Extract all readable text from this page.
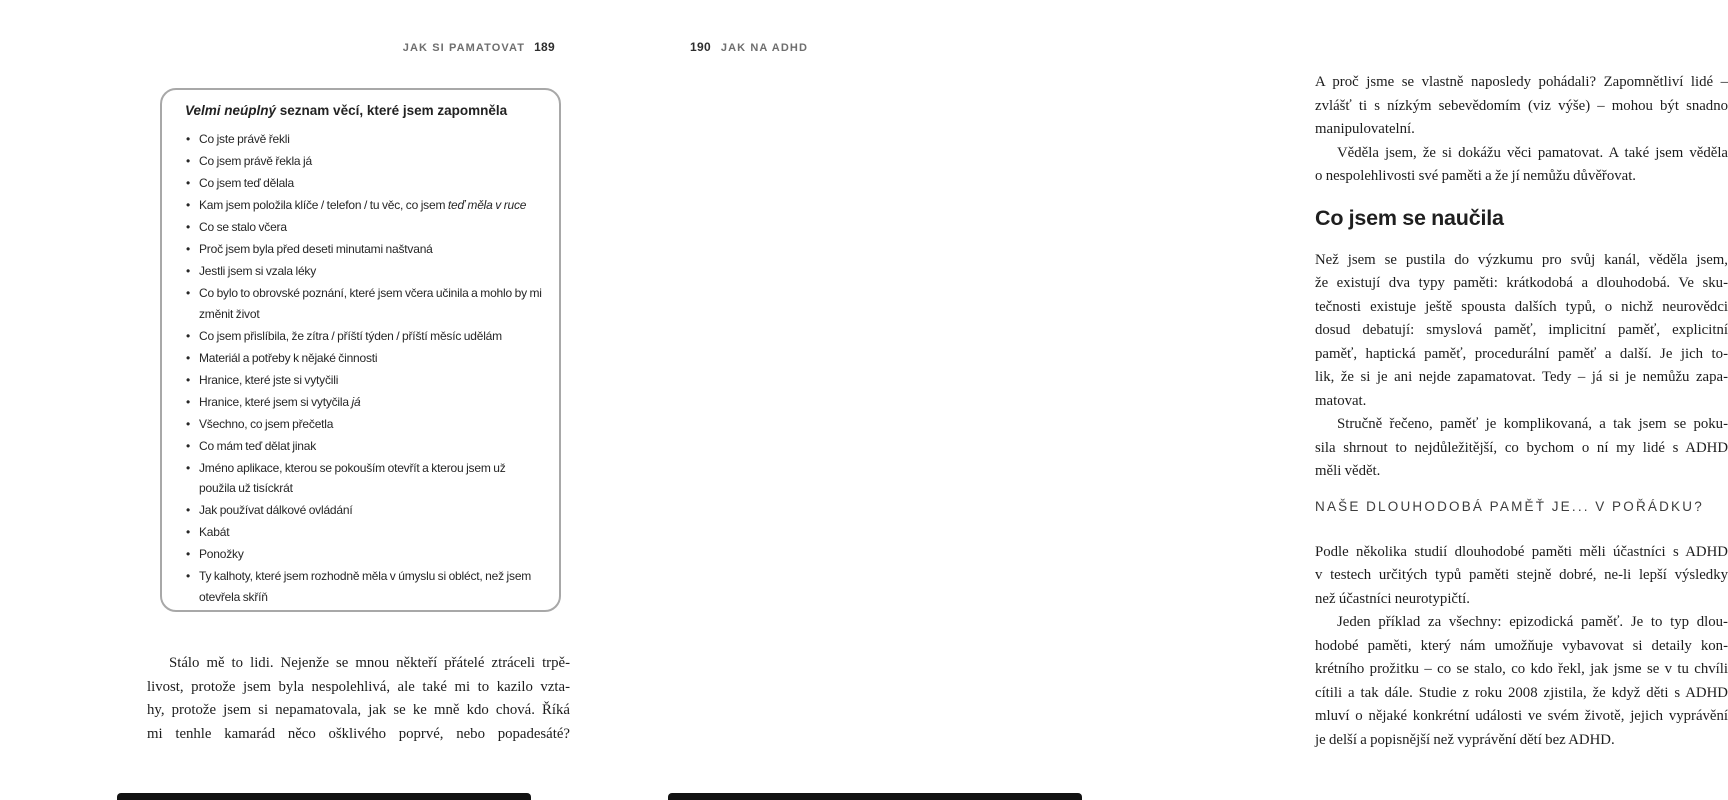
JAK SI PAMATOVAT 189

Velmi neúplný seznam věcí, které jsem zapomněla

• Co jste právě řekli
• Co jsem právě řekla já
• Co jsem teď dělala
• Kam jsem položila klíče / telefon / tu věc, co jsem teď měla v ruce
• Co se stalo včera
• Proč jsem byla před deseti minutami naštvaná
• Jestli jsem si vzala léky
• Co bylo to obrovské poznání, které jsem včera učinila a mohlo by mi změnit život
• Co jsem přislíbila, že zítra / příští týden / příští měsíc udělám
• Materiál a potřeby k nějaké činnosti
• Hranice, které jste si vytyčili
• Hranice, které jsem si vytyčila já
• Všechno, co jsem přečetla
• Co mám teď dělat jinak
• Jméno aplikace, kterou se pokouším otevřít a kterou jsem už použila už tisíckrát
• Jak používat dálkové ovládání
• Kabát
• Ponožky
• Ty kalhoty, které jsem rozhodně měla v úmyslu si obléct, než jsem otevřela skříň
Stálo mě to lidi. Nejenže se mnou někteří přátelé ztráceli trpě-
livost, protože jsem byla nespolehlivá, ale také mi to kazilo vzta-
hy, protože jsem si nepamatovala, jak se ke mně kdo chová. Říká
mi tenhle kamarád něco ošklivého poprvé, nebo popadesáté?
190 JAK NA ADHD
A proč jsme se vlastně naposledy pohádali? Zapomnětliví lidé –
zvlášť ti s nízkým sebevědomím (viz výše) – mohou být snadno
manipulovatelní.
Věděla jsem, že si dokážu věci pamatovat. A také jsem věděla
o nespolehlivosti své paměti a že jí nemůžu důvěřovat.
Co jsem se naučila
Než jsem se pustila do výzkumu pro svůj kanál, věděla jsem,
že existují dva typy paměti: krátkodobá a dlouhodobá. Ve sku-
tečnosti existuje ještě spousta dalších typů, o nichž neurovědci
dosud debatují: smyslová paměť, implicitní paměť, explicitní
paměť, haptická paměť, procedurální paměť a další. Je jich to-
lik, že si je ani nejde zapamatovat. Tedy – já si je nemůžu zapa-
matovat.
Stručně řečeno, paměť je komplikovaná, a tak jsem se poku-
sila shrnout to nejdůležitější, co bychom o ní my lidé s ADHD
měli vědět.
NAŠE DLOUHODOBÁ PAMĚŤ JE... V POŘÁDKU?
Podle několika studií dlouhodobé paměti měli účastníci s ADHD
v testech určitých typů paměti stejně dobré, ne-li lepší výsledky
než účastníci neurotypičtí.
Jeden příklad za všechny: epizodická paměť. Je to typ dlou-
hodobé paměti, který nám umožňuje vybavovat si detaily kon-
krétního prožitku – co se stalo, co kdo řekl, jak jsme se v tu chvíli
cítili a tak dále. Studie z roku 2008 zjistila, že když děti s ADHD
mluví o nějaké konkrétní události ve svém životě, jejich vyprávění
je delší a popisnější než vyprávění dětí bez ADHD.
